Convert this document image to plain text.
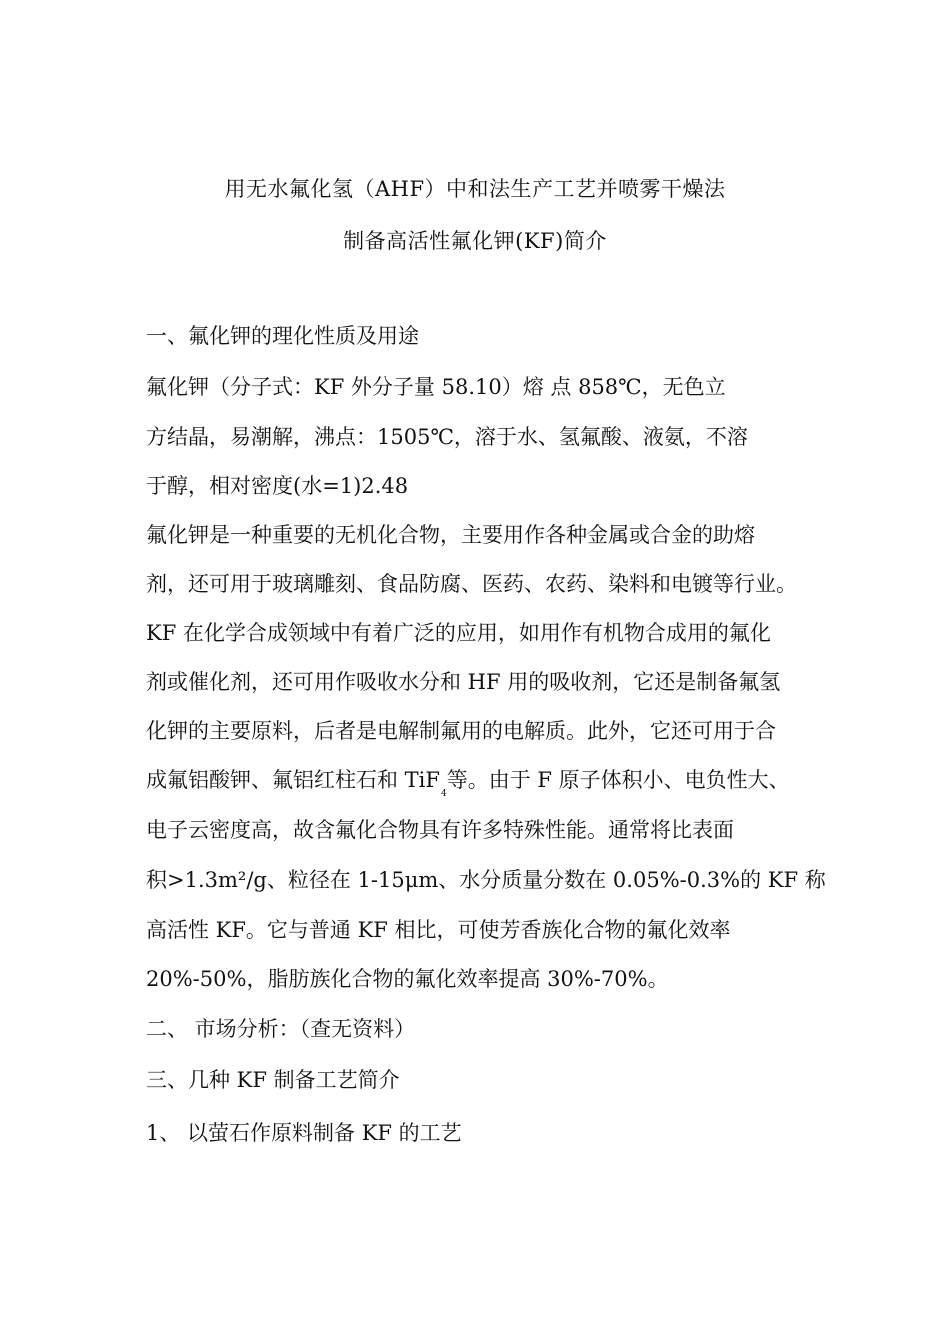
用无水氟化氢（AHF）中和法生产工艺并喷雾干燥法
制备高活性氟化钾(KF)简介
一、氟化钾的理化性质及用途
氟化钾（分子式：KF 外分子量 58.10）熔 点 858℃，无色立
方结晶，易潮解，沸点：1505℃，溶于水、氢氟酸、液氨，不溶
于醇，相对密度(水=1)2.48
氟化钾是一种重要的无机化合物，主要用作各种金属或合金的助熔
剂，还可用于玻璃雕刻、食品防腐、医药、农药、染料和电镀等行业。
KF 在化学合成领域中有着广泛的应用，如用作有机物合成用的氟化
剂或催化剂，还可用作吸收水分和 HF 用的吸收剂，它还是制备氟氢
化钾的主要原料，后者是电解制氟用的电解质。此外，它还可用于合
成氟铝酸钾、氟铝红柱石和 TiF$_4$等。由于 F 原子体积小、电负性大、
电子云密度高，故含氟化合物具有许多特殊性能。通常将比表面
积>1.3m²/g、粒径在 1-15μm、水分质量分数在 0.05%-0.3%的 KF 称
高活性 KF。它与普通 KF 相比，可使芳香族化合物的氟化效率
20%-50%，脂肪族化合物的氟化效率提高 30%-70%。
二、 市场分析：（查无资料）
三、几种 KF 制备工艺简介
1、 以萤石作原料制备 KF 的工艺
